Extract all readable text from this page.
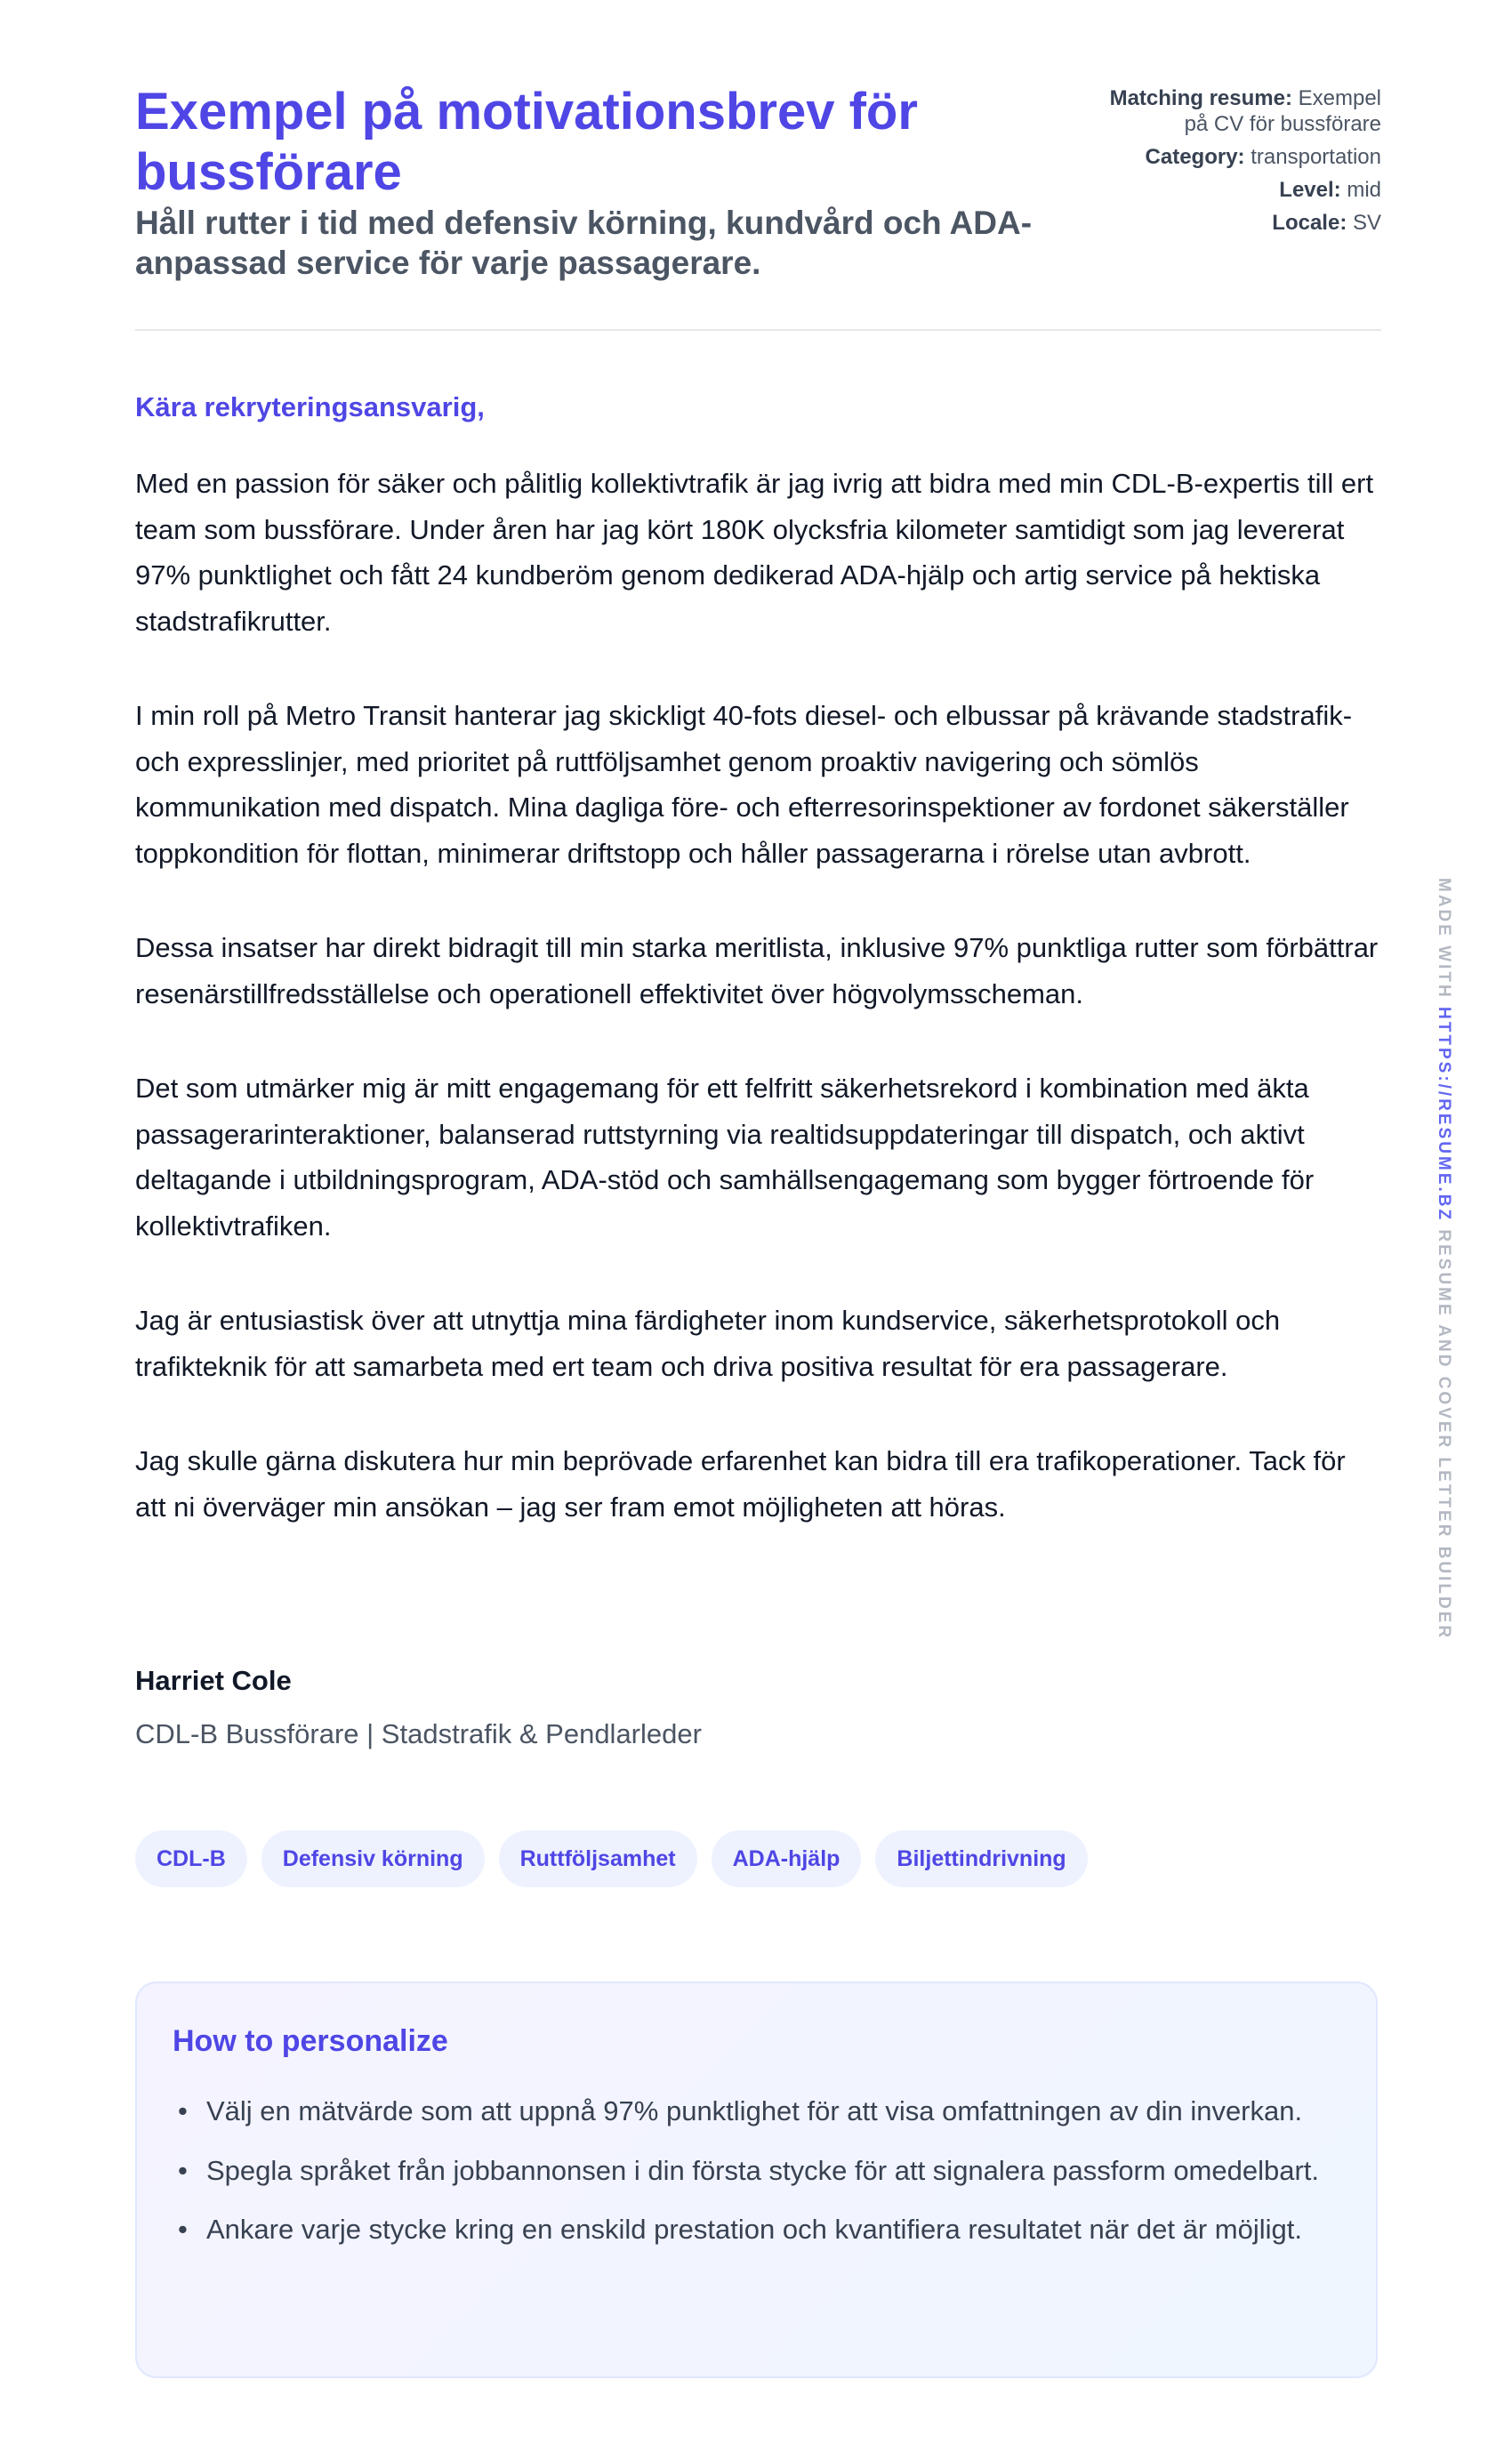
Exempel på motivationsbrev för bussförare
Håll rutter i tid med defensiv körning, kundvård och ADA-anpassad service för varje passagerare.
Matching resume: Exempel på CV för bussförare
Category: transportation
Level: mid
Locale: SV

Kära rekryteringsansvarig,

Med en passion för säker och pålitlig kollektivtrafik är jag ivrig att bidra med min CDL-B-expertis till ert team som bussförare. Under åren har jag kört 180K olycksfria kilometer samtidigt som jag levererat 97% punktlighet och fått 24 kundberöm genom dedikerad ADA-hjälp och artig service på hektiska stadstrafikrutter.

I min roll på Metro Transit hanterar jag skickligt 40-fots diesel- och elbussar på krävande stadstrafik- och expresslinjer, med prioritet på ruttföljsamhet genom proaktiv navigering och sömlös kommunikation med dispatch. Mina dagliga före- och efterresorinspektioner av fordonet säkerställer toppkondition för flottan, minimerar driftstopp och håller passagerarna i rörelse utan avbrott.

Dessa insatser har direkt bidragit till min starka meritlista, inklusive 97% punktliga rutter som förbättrar resenärstillfredsställelse och operationell effektivitet över högvolymsscheman.

Det som utmärker mig är mitt engagemang för ett felfritt säkerhetsrekord i kombination med äkta passagerarinteraktioner, balanserad ruttstyrning via realtidsuppdateringar till dispatch, och aktivt deltagande i utbildningsprogram, ADA-stöd och samhällsengagemang som bygger förtroende för kollektivtrafiken.

Jag är entusiastisk över att utnyttja mina färdigheter inom kundservice, säkerhetsprotokoll och trafikteknik för att samarbeta med ert team och driva positiva resultat för era passagerare.

Jag skulle gärna diskutera hur min beprövade erfarenhet kan bidra till era trafikoperationer. Tack för att ni överväger min ansökan – jag ser fram emot möjligheten att höras.

Harriet Cole

CDL-B Bussförare | Stadstrafik & Pendlarleder

CDL-B	Defensiv körning	Ruttföljsamhet	ADA-hjälp	Biljettindrivning
How to personalize
• Välj en mätvärde som att uppnå 97% punktlighet för att visa omfattningen av din inverkan.
• Spegla språket från jobbannonsen i din första stycke för att signalera passform omedelbart.
• Ankare varje stycke kring en enskild prestation och kvantifiera resultatet när det är möjligt.
MADE WITH HTTPS://RESUME.BZ RESUME AND COVER LETTER BUILDER
